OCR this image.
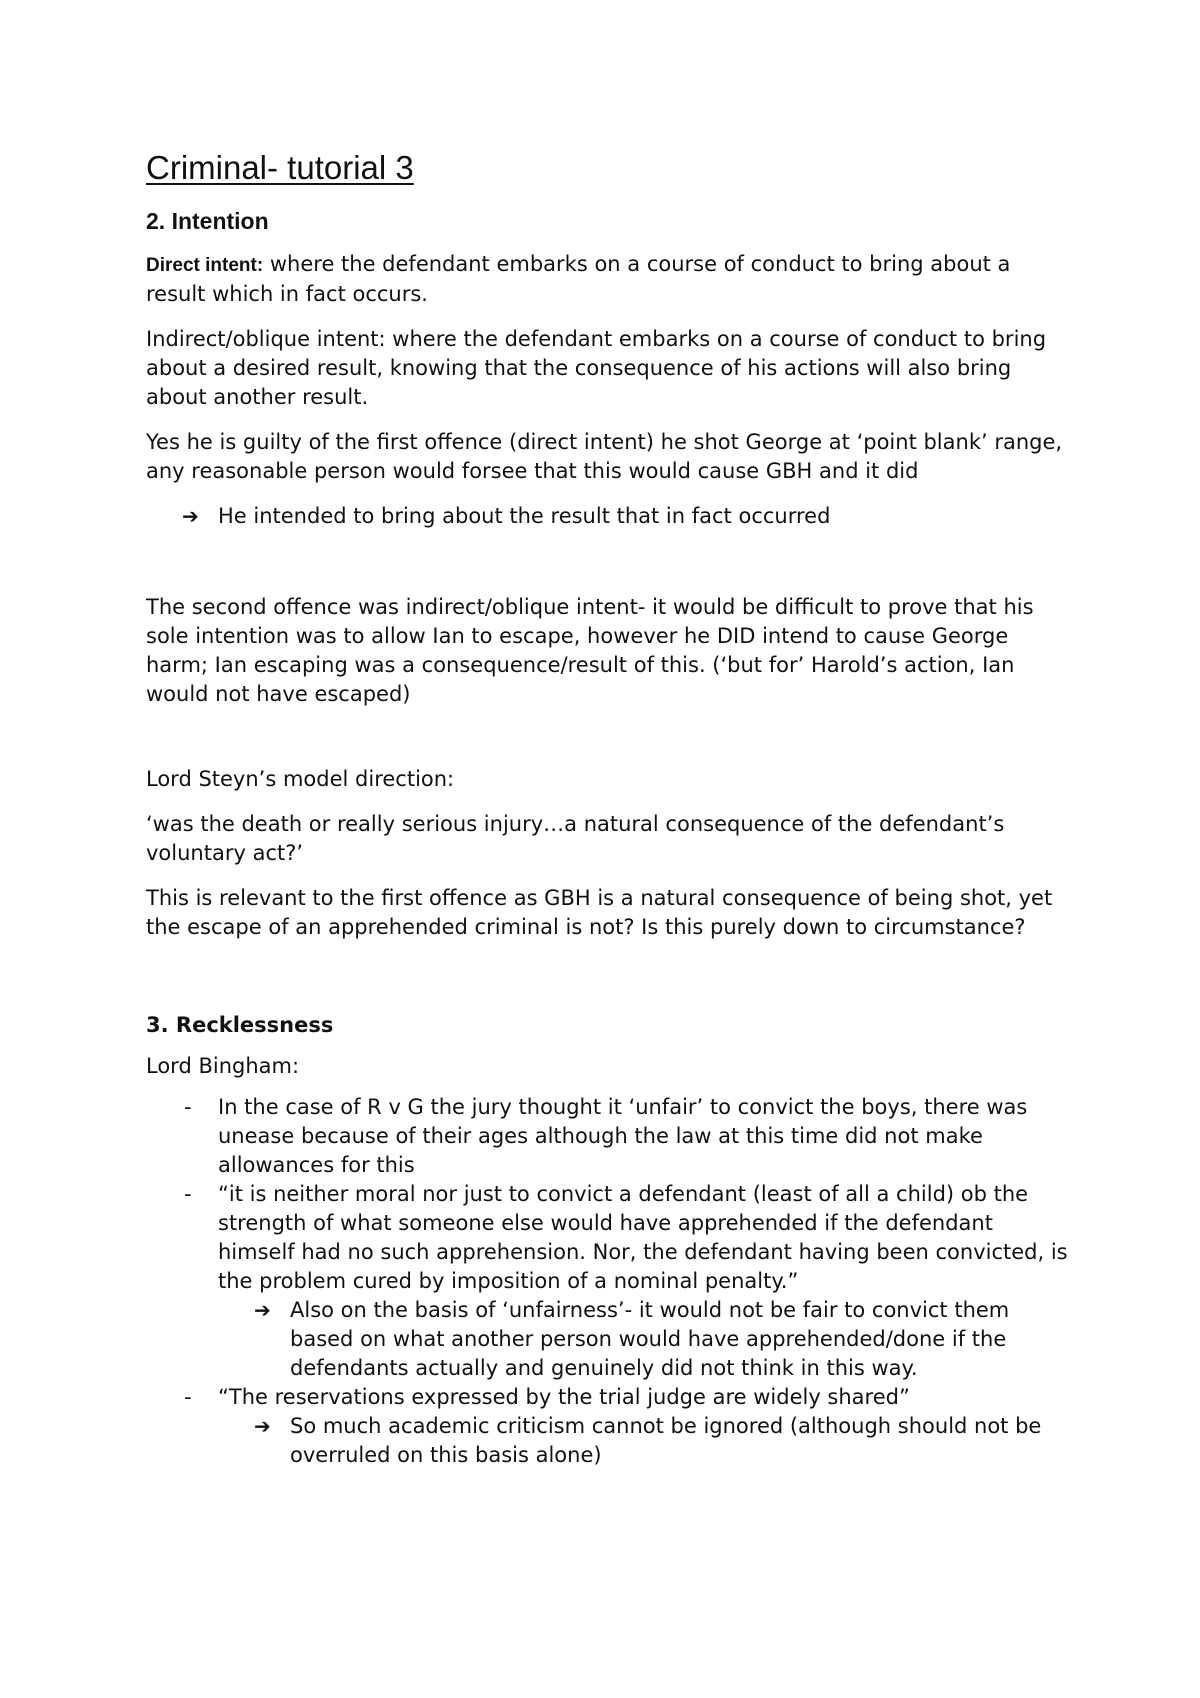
Criminal- tutorial 3
2. Intention

Direct intent: where the defendant embarks on a course of conduct to bring about a result which in fact occurs.

Indirect/oblique intent: where the defendant embarks on a course of conduct to bring about a desired result, knowing that the consequence of his actions will also bring about another result.

Yes he is guilty of the first offence (direct intent) he shot George at ‘point blank’ range, any reasonable person would forsee that this would cause GBH and it did

➔ He intended to bring about the result that in fact occurred

The second offence was indirect/oblique intent- it would be difficult to prove that his sole intention was to allow Ian to escape, however he DID intend to cause George harm; Ian escaping was a consequence/result of this. (‘but for’ Harold’s action, Ian would not have escaped)

Lord Steyn’s model direction:

‘was the death or really serious injury…a natural consequence of the defendant’s voluntary act?’

This is relevant to the first offence as GBH is a natural consequence of being shot, yet the escape of an apprehended criminal is not? Is this purely down to circumstance?

3. Recklessness

Lord Bingham:

- In the case of R v G the jury thought it ‘unfair’ to convict the boys, there was unease because of their ages although the law at this time did not make allowances for this
- “it is neither moral nor just to convict a defendant (least of all a child) ob the strength of what someone else would have apprehended if the defendant himself had no such apprehension. Nor, the defendant having been convicted, is the problem cured by imposition of a nominal penalty.”
➔ Also on the basis of ‘unfairness’- it would not be fair to convict them based on what another person would have apprehended/done if the defendants actually and genuinely did not think in this way.
- “The reservations expressed by the trial judge are widely shared”
➔ So much academic criticism cannot be ignored (although should not be overruled on this basis alone)
